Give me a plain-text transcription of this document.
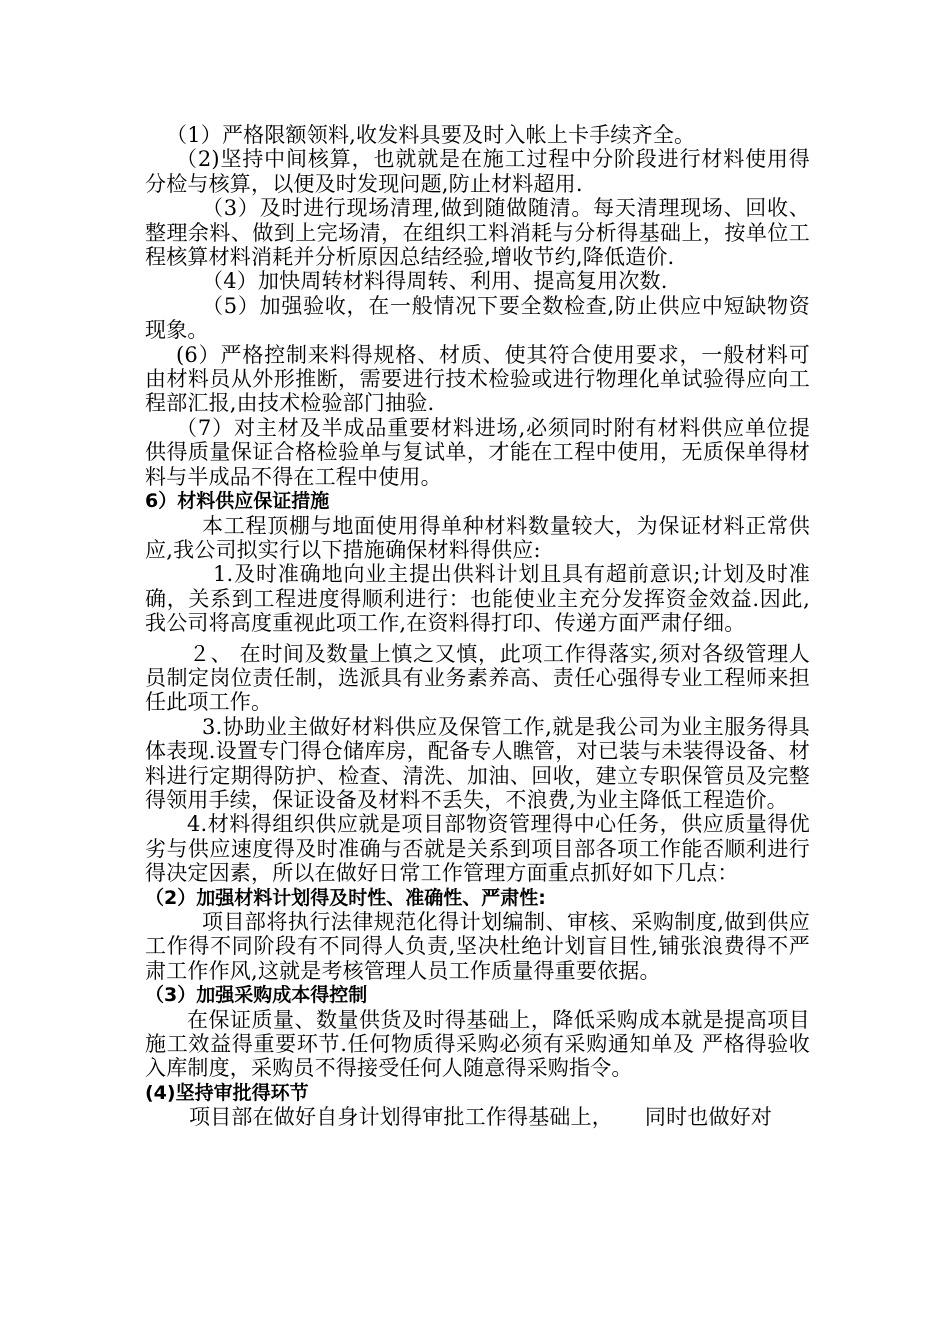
（1）严格限额领料,收发料具要及时入帐上卡手续齐全。

（2)坚持中间核算，也就就是在施工过程中分阶段进行材料使用得分检与核算，以便及时发现问题,防止材料超用.

（3）及时进行现场清理,做到随做随清。每天清理现场、回收、整理余料、做到上完场清，在组织工料消耗与分析得基础上，按单位工程核算材料消耗并分析原因总结经验,增收节约,降低造价.

（4）加快周转材料得周转、利用、提高复用次数.

（5）加强验收，在一般情况下要全数检查,防止供应中短缺物资现象。

(6）严格控制来料得规格、材质、使其符合使用要求，一般材料可由材料员从外形推断，需要进行技术检验或进行物理化单试验得应向工程部汇报,由技术检验部门抽验.

（7）对主材及半成品重要材料进场,必须同时附有材料供应单位提供得质量保证合格检验单与复试单，才能在工程中使用，无质保单得材料与半成品不得在工程中使用。

6）材料供应保证措施

本工程顶棚与地面使用得单种材料数量较大，为保证材料正常供应,我公司拟实行以下措施确保材料得供应:

1.及时准确地向业主提出供料计划且具有超前意识;计划及时准确，关系到工程进度得顺利进行：也能使业主充分发挥资金效益.因此,我公司将高度重视此项工作,在资料得打印、传递方面严肃仔细。

２、 在时间及数量上慎之又慎，此项工作得落实,须对各级管理人员制定岗位责任制，选派具有业务素养高、责任心强得专业工程师来担任此项工作。

3.协助业主做好材料供应及保管工作,就是我公司为业主服务得具体表现.设置专门得仓储库房，配备专人瞧管，对已装与未装得设备、材料进行定期得防护、检查、清洗、加油、回收，建立专职保管员及完整得领用手续，保证设备及材料不丢失，不浪费,为业主降低工程造价。

4.材料得组织供应就是项目部物资管理得中心任务，供应质量得优劣与供应速度得及时准确与否就是关系到项目部各项工作能否顺利进行得决定因素，所以在做好日常工作管理方面重点抓好如下几点：

（2）加强材料计划得及时性、准确性、严肃性:

项目部将执行法律规范化得计划编制、审核、采购制度,做到供应工作得不同阶段有不同得人负责,坚决杜绝计划盲目性,铺张浪费得不严肃工作作风,这就是考核管理人员工作质量得重要依据。

（3）加强采购成本得控制

在保证质量、数量供货及时得基础上，降低采购成本就是提高项目施工效益得重要环节.任何物质得采购必须有采购通知单及 严格得验收入库制度，采购员不得接受任何人随意得采购指令。

(4)坚持审批得环节

项目部在做好自身计划得审批工作得基础上，　　同时也做好对
